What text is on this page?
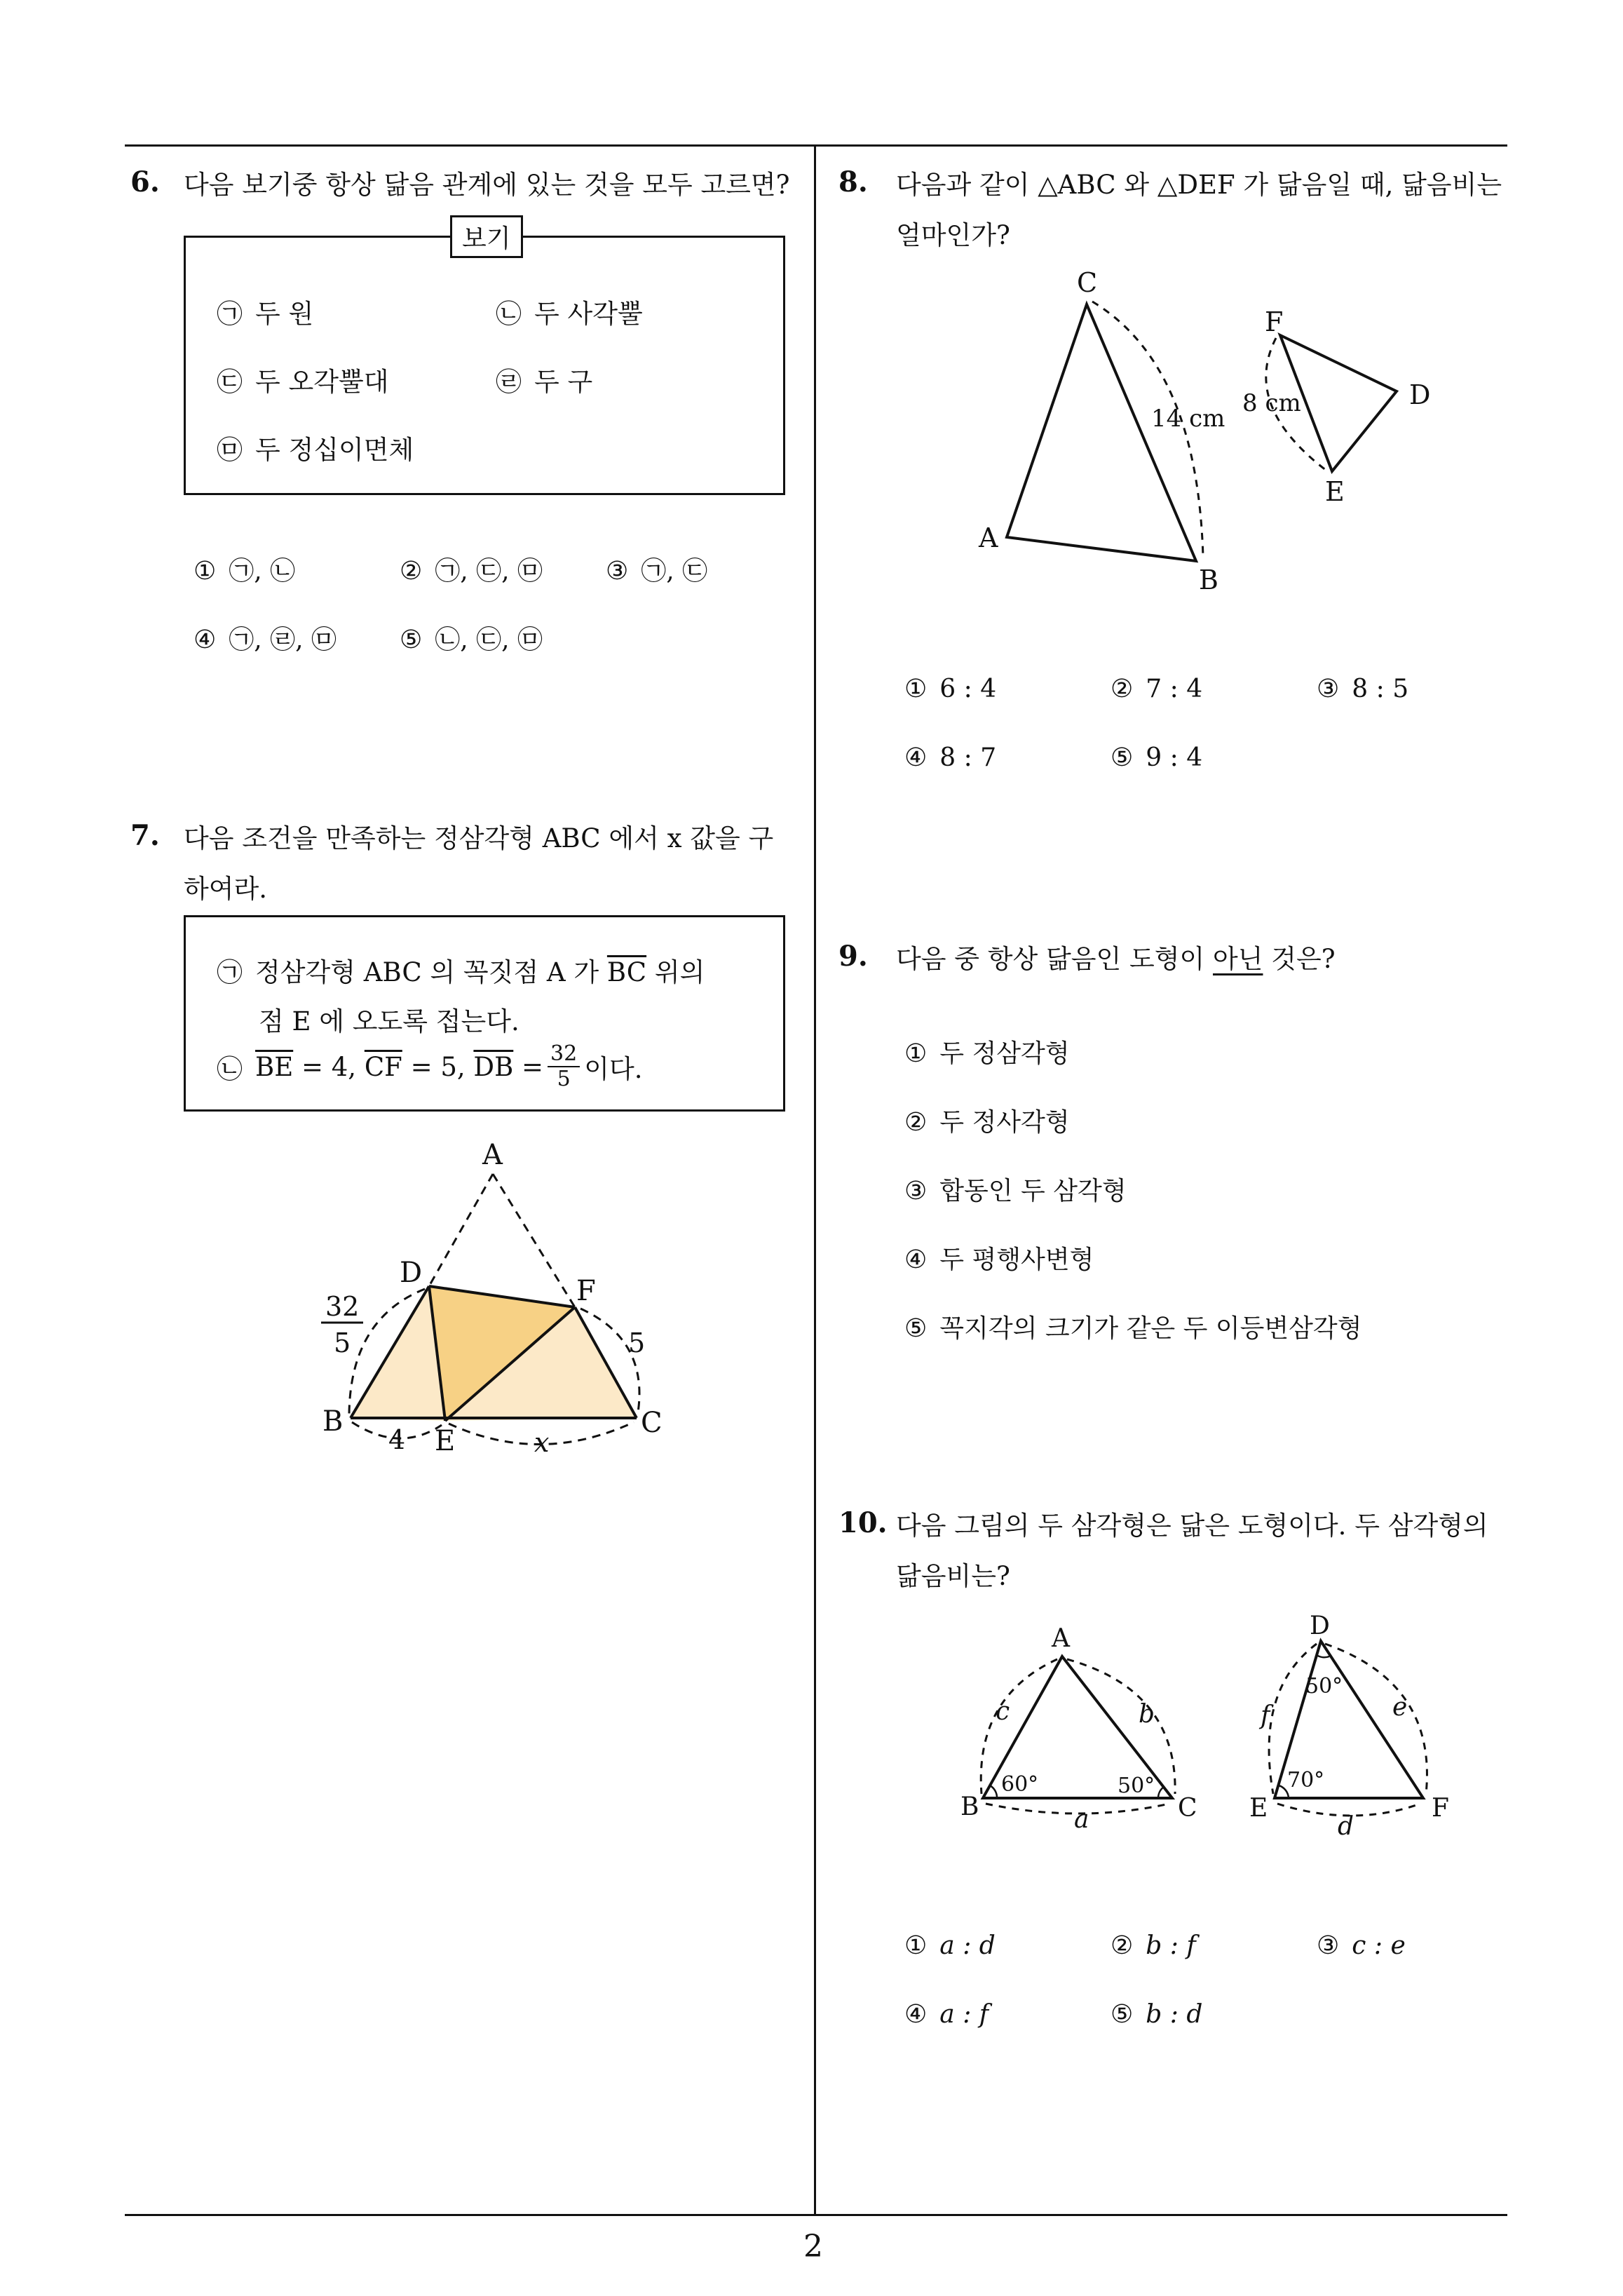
2
6. 다음 보기중 항상 닮음 관계에 있는 것을 모두 고르면?
보기
㉠ 두 원	㉡ 두 사각뿔
㉢ 두 오각뿔대	㉣ 두 구
㉤ 두 정십이면체
① ㉠, ㉡	② ㉠, ㉢, ㉤ ③ ㉠, ㉢
④ ㉠, ㉣, ㉤ ⑤ ㉡, ㉢, ㉤
7. 다음 조건을 만족하는 정삼각형 ABC 에서 x 값을 구
하여라.
㉠ 정삼각형 ABC 의 꼭짓점 A 가 $\overline{BC}$ 위의
점 E 에 오도록 접는다.
㉡ $\overline{BE}$
= 4,
$\overline{CF}$
= 5,
$\overline{DB}$
= $\frac{32}{5}$ 이다.
A
D
F
B
E
C
32
5	5
4	x
8. 다음과 같이 △ABC 와 △DEF 가 닮음일 때, 닮음비는
얼마인가?
C
A
B
F
D
E
14 cm
8 cm
① 6 : 4	② 7 : 4	③ 8 : 5
④ 8 : 7	⑤ 9 : 4
9. 다음 중 항상 닮음인 도형이 아닌 것은?
① 두 정삼각형
② 두 정사각형
③ 합동인 두 삼각형
④ 두 평행사변형
⑤ 꼭지각의 크기가 같은 두 이등변삼각형
10. 다음 그림의 두 삼각형은 닮은 도형이다. 두 삼각형의
닮음비는?
A
B	C
D
E	F
c	b
a
f	e
d
60°	50°
50°
70°
① a : d	② b : f	③ c : e
④ a : f	⑤ b : d
